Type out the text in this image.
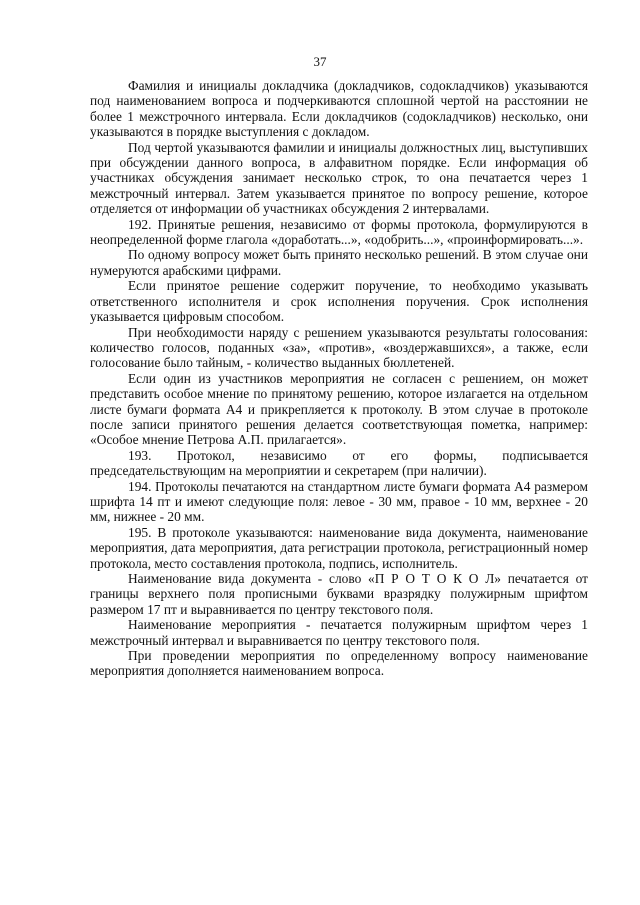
37

Фамилия и инициалы докладчика (докладчиков, содокладчиков) указываются под наименованием вопроса и подчеркиваются сплошной чертой на расстоянии не более 1 межстрочного интервала. Если докладчиков (содокладчиков) несколько, они указываются в порядке выступления с докладом.

Под чертой указываются фамилии и инициалы должностных лиц, выступивших при обсуждении данного вопроса, в алфавитном порядке. Если информация об участниках обсуждения занимает несколько строк, то она печатается через 1 межстрочный интервал. Затем указывается принятое по вопросу решение, которое отделяется от информации об участниках обсуждения 2 интервалами.

192. Принятые решения, независимо от формы протокола, формулируются в неопределенной форме глагола «доработать...», «одобрить...», «проинформировать...».

По одному вопросу может быть принято несколько решений. В этом случае они нумеруются арабскими цифрами.

Если принятое решение содержит поручение, то необходимо указывать ответственного исполнителя и срок исполнения поручения. Срок исполнения указывается цифровым способом.

При необходимости наряду с решением указываются результаты голосования: количество голосов, поданных «за», «против», «воздержавшихся», а также, если голосование было тайным, - количество выданных бюллетеней.

Если один из участников мероприятия не согласен с решением, он может представить особое мнение по принятому решению, которое излагается на отдельном листе бумаги формата А4 и прикрепляется к протоколу. В этом случае в протоколе после записи принятого решения делается соответствующая пометка, например: «Особое мнение Петрова А.П. прилагается».

193. Протокол, независимо от его формы, подписывается председательствующим на мероприятии и секретарем (при наличии).

194. Протоколы печатаются на стандартном листе бумаги формата А4 размером шрифта 14 пт и имеют следующие поля: левое - 30 мм, правое - 10 мм, верхнее - 20 мм, нижнее - 20 мм.

195. В протоколе указываются: наименование вида документа, наименование мероприятия, дата мероприятия, дата регистрации протокола, регистрационный номер протокола, место составления протокола, подпись, исполнитель.

Наименование вида документа - слово «П Р О Т О К О Л» печатается от границы верхнего поля прописными буквами вразрядку полужирным шрифтом размером 17 пт и выравнивается по центру текстового поля.

Наименование мероприятия - печатается полужирным шрифтом через 1 межстрочный интервал и выравнивается по центру текстового поля.

При проведении мероприятия по определенному вопросу наименование мероприятия дополняется наименованием вопроса.
